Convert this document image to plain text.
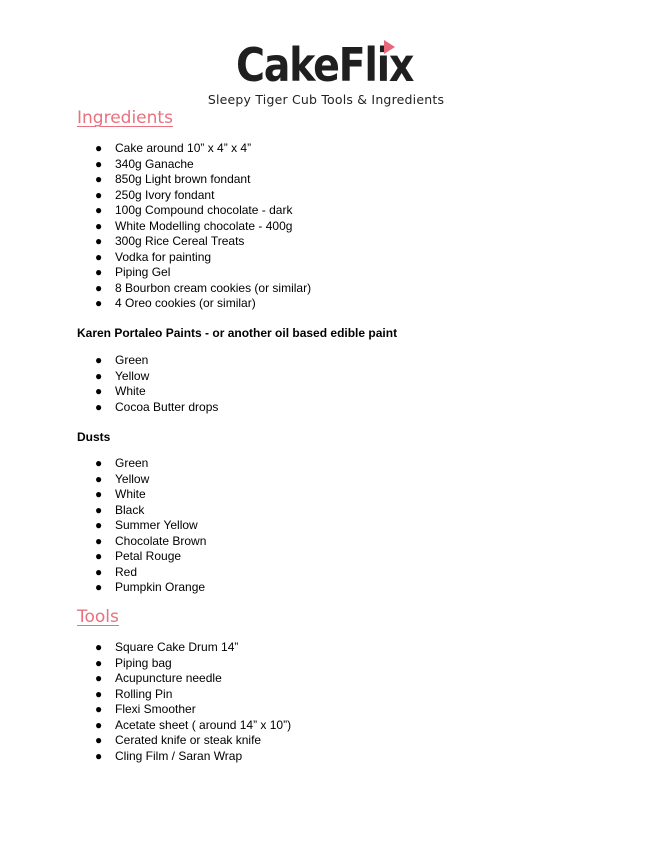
CakeFlix
Sleepy Tiger Cub Tools & Ingredients
Ingredients
● Cake around 10” x 4” x 4”
● 340g Ganache
● 850g Light brown fondant
● 250g Ivory fondant
● 100g Compound chocolate - dark
● White Modelling chocolate - 400g
● 300g Rice Cereal Treats
● Vodka for painting
● Piping Gel
● 8 Bourbon cream cookies (or similar)
● 4 Oreo cookies (or similar)
Karen Portaleo Paints - or another oil based edible paint
● Green
● Yellow
● White
● Cocoa Butter drops
Dusts
● Green
● Yellow
● White
● Black
● Summer Yellow
● Chocolate Brown
● Petal Rouge
● Red
● Pumpkin Orange
Tools
● Square Cake Drum 14”
● Piping bag
● Acupuncture needle
● Rolling Pin
● Flexi Smoother
● Acetate sheet ( around 14” x 10”)
● Cerated knife or steak knife
● Cling Film / Saran Wrap
